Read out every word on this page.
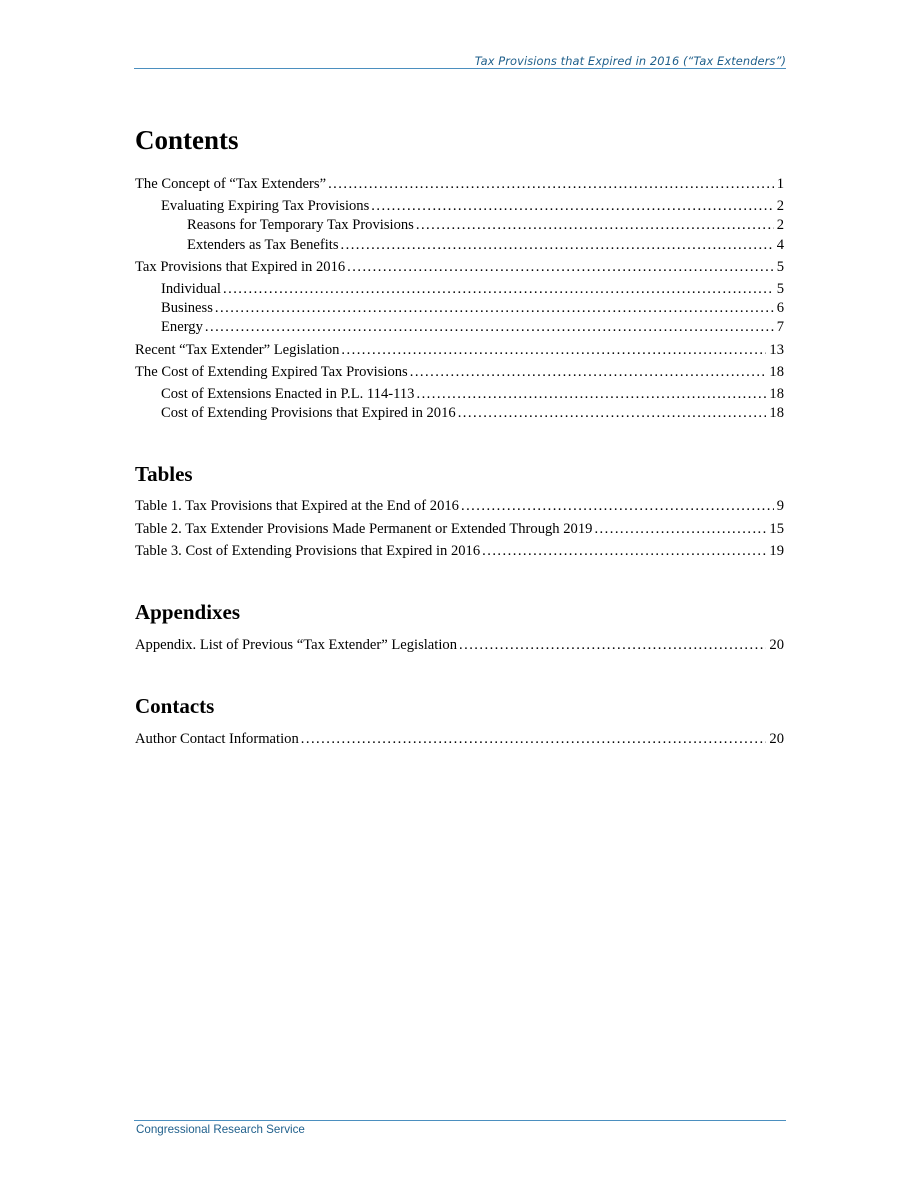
Tax Provisions that Expired in 2016 (“Tax Extenders”)
Contents
The Concept of “Tax Extenders” . . .	1
Evaluating Expiring Tax Provisions . . .	2
Reasons for Temporary Tax Provisions . . .	2
Extenders as Tax Benefits . . .	4
Tax Provisions that Expired in 2016 . . .	5
Individual . . .	5
Business . . .	6
Energy . . .	7
Recent “Tax Extender” Legislation . . .	13
The Cost of Extending Expired Tax Provisions . . .	18
Cost of Extensions Enacted in P.L. 114-113 . . .	18
Cost of Extending Provisions that Expired in 2016 . . .	18
Tables
Table 1. Tax Provisions that Expired at the End of 2016 . . .	9
Table 2. Tax Extender Provisions Made Permanent or Extended Through 2019 . . .	15
Table 3. Cost of Extending Provisions that Expired in 2016 . . .	19
Appendixes
Appendix. List of Previous “Tax Extender” Legislation . . .	20
Contacts
Author Contact Information . . .	20
Congressional Research Service
